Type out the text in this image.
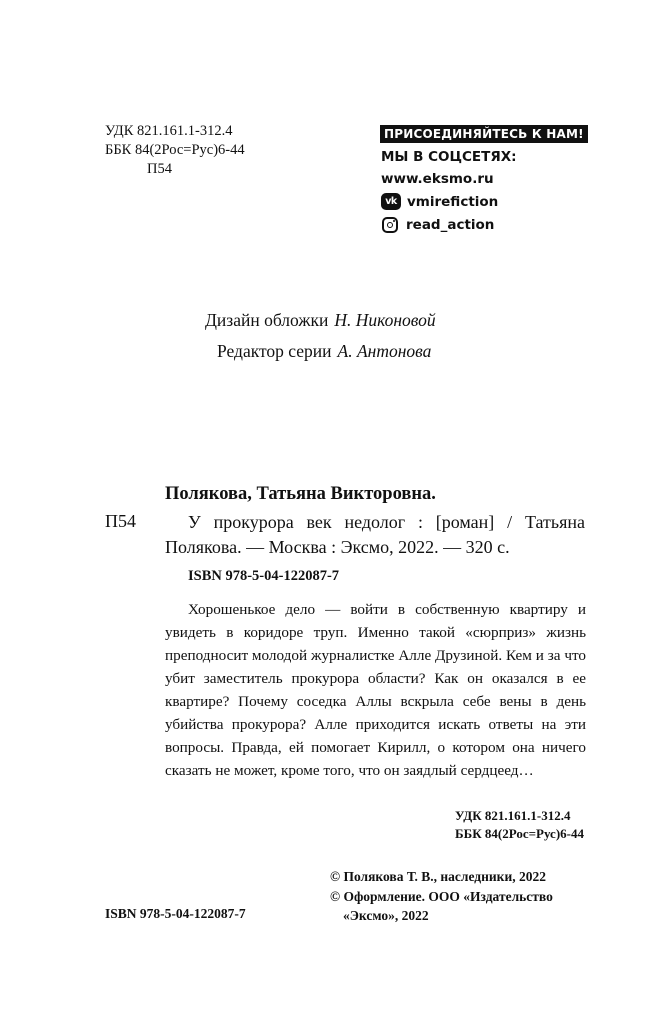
УДК 821.161.1-312.4
ББК 84(2Рос=Рус)6-44
П54
ПРИСОЕДИНЯЙТЕСЬ К НАМ!
МЫ В СОЦСЕТЯХ:
www.eksmo.ru
vk vmirefiction
read_action
Дизайн обложки Н. Никоновой
Редактор серии А. Антонова
Полякова, Татьяна Викторовна.
П54	У прокурора век недолог : [роман] / Татьяна Полякова. — Москва : Эксмо, 2022. — 320 с.
ISBN 978-5-04-122087-7

Хорошенькое дело — войти в собственную квартиру и увидеть в коридоре труп. Именно такой «сюрприз» жизнь преподносит молодой журналистке Алле Друзиной. Кем и за что убит заместитель прокурора области? Как он оказался в ее квартире? Почему соседка Аллы вскрыла себе вены в день убийства прокурора? Алле приходится искать ответы на эти вопросы. Правда, ей помогает Кирилл, о котором она ничего сказать не может, кроме того, что он заядлый сердцеед…

УДК 821.161.1-312.4
ББК 84(2Рос=Рус)6-44
© Полякова Т. В., наследники, 2022
© Оформление. ООО «Издательство
«Эксмо», 2022
ISBN 978-5-04-122087-7
